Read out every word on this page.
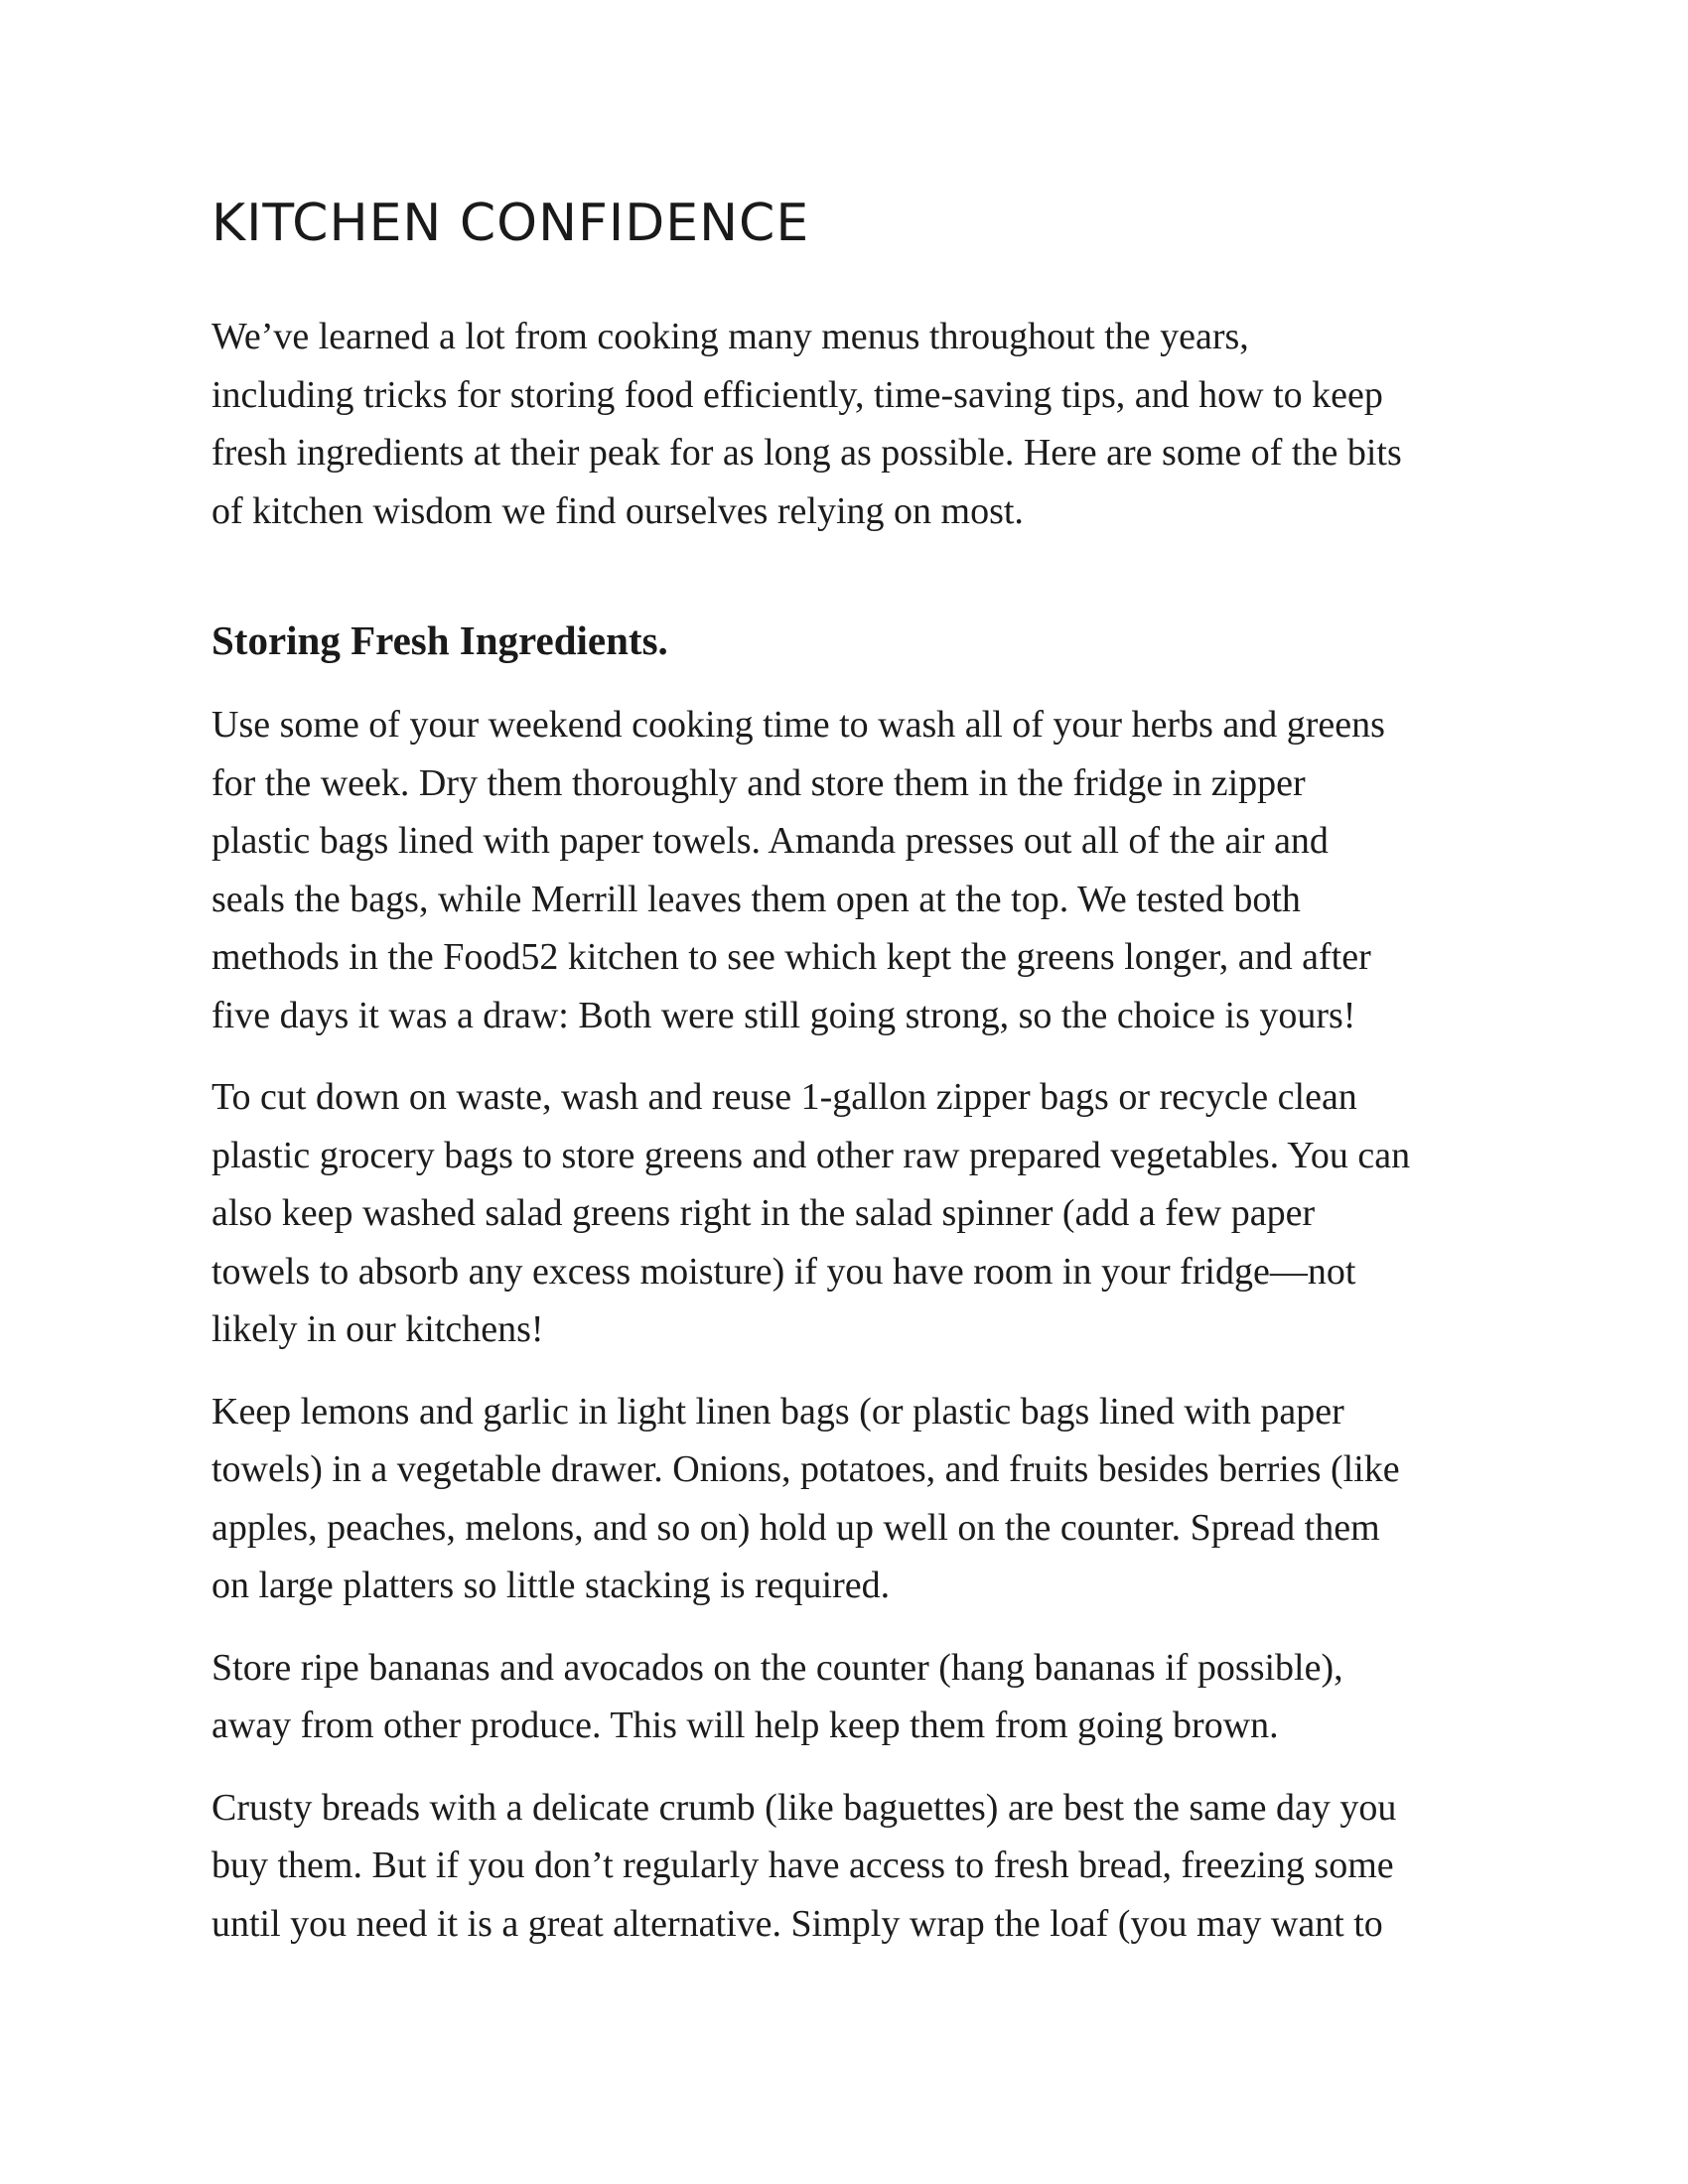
KITCHEN CONFIDENCE

We’ve learned a lot from cooking many menus throughout the years,
including tricks for storing food efficiently, time-saving tips, and how to keep
fresh ingredients at their peak for as long as possible. Here are some of the bits
of kitchen wisdom we find ourselves relying on most.

Storing Fresh Ingredients.

Use some of your weekend cooking time to wash all of your herbs and greens
for the week. Dry them thoroughly and store them in the fridge in zipper
plastic bags lined with paper towels. Amanda presses out all of the air and
seals the bags, while Merrill leaves them open at the top. We tested both
methods in the Food52 kitchen to see which kept the greens longer, and after
five days it was a draw: Both were still going strong, so the choice is yours!

To cut down on waste, wash and reuse 1-gallon zipper bags or recycle clean
plastic grocery bags to store greens and other raw prepared vegetables. You can
also keep washed salad greens right in the salad spinner (add a few paper
towels to absorb any excess moisture) if you have room in your fridge—not
likely in our kitchens!

Keep lemons and garlic in light linen bags (or plastic bags lined with paper
towels) in a vegetable drawer. Onions, potatoes, and fruits besides berries (like
apples, peaches, melons, and so on) hold up well on the counter. Spread them
on large platters so little stacking is required.

Store ripe bananas and avocados on the counter (hang bananas if possible),
away from other produce. This will help keep them from going brown.

Crusty breads with a delicate crumb (like baguettes) are best the same day you
buy them. But if you don’t regularly have access to fresh bread, freezing some
until you need it is a great alternative. Simply wrap the loaf (you may want to
